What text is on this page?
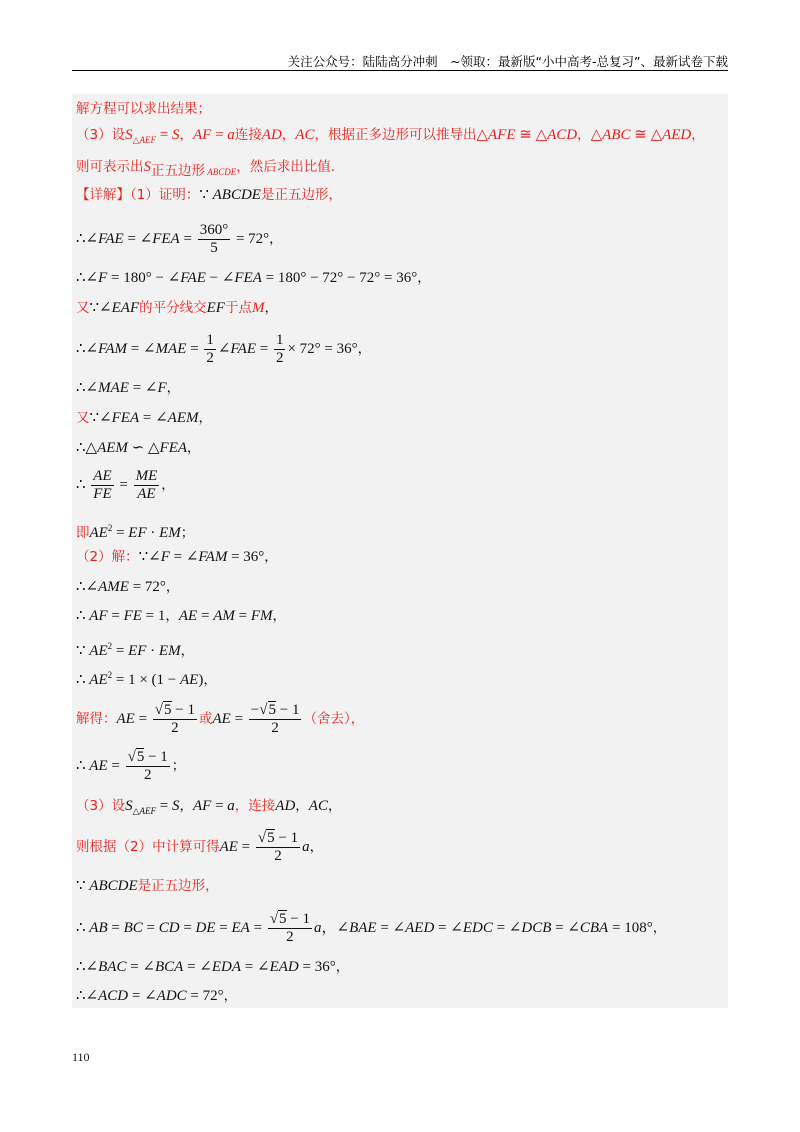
关注公众号：陆陆高分冲刺　~领取：最新版“小中高考-总复习”、最新试卷下载
解方程可以求出结果；
（3）设$S_{\triangle AEF} = S$，AF = a连接AD，AC，根据正多边形可以推导出△AFE ≅ △ACD，△ABC ≅ △AED，
则可表示出$S_{正五边形 ABCDE}$，然后求出比值．
【详解】（1）证明：∵ ABCDE是正五边形，
∴∠FAE = ∠FEA = $\frac{360^\circ}{5} = 72^\circ$，
∴∠F = 180° − ∠FAE − ∠FEA = 180° − 72° − 72° = 36°，
又∵∠EAF的平分线交EF于点M，
∴∠FAM = ∠MAE = $\frac{1}{2}$ ∠FAE = $\frac{1}{2} \times 72^\circ = 36^\circ$，
∴∠MAE = ∠F，
又∵∠FEA = ∠AEM，
∴△AEM ∽ △FEA，
∴ $\frac{AE}{FE} = \frac{ME}{AE}$ ，
即$AE^2$ = EF · EM；
（2）解：∵∠F = ∠FAM = 36°，
∴∠AME = 72°，
∴ AF = FE = 1，AE = AM = FM，
∵ $AE^2$ = EF · EM，
∴ $AE^2 = 1 \times (1 - AE)$，
解得：AE = $\frac{√5 - 1}{2}$ 或AE = $\frac{-√5 - 1}{2}$ （舍去），
∴ AE = $\frac{√5 - 1}{2}$ ；
（3）设$S_{\triangle AEF} = S$，AF = a，连接AD，AC，
则根据（2）中计算可得AE = $\frac{√5 - 1}{2}$ a，
∵ ABCDE是正五边形，
∴ AB = BC = CD = DE = EA = $\frac{√5 - 1}{2}$ a，∠BAE = ∠AED = ∠EDC = ∠DCB = ∠CBA = 108°，
∴∠BAC = ∠BCA = ∠EDA = ∠EAD = 36°，
∴∠ACD = ∠ADC = 72°，
110
